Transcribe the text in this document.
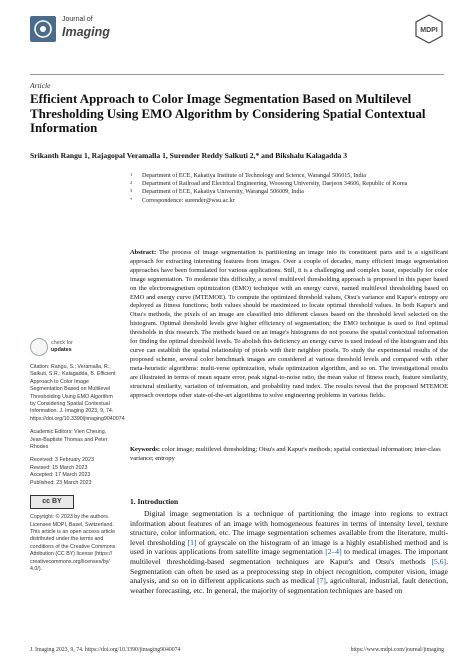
Journal of
Imaging	MDPI
Article
Efficient Approach to Color Image Segmentation Based on Multilevel Thresholding Using EMO Algorithm by Considering Spatial Contextual Information
Srikanth Rangu 1, Rajagopal Veramalla 1, Surender Reddy Salkuti 2,* and Bikshalu Kalagadda 3
1 Department of ECE, Kakatiya Institute of Technology and Science, Warangal 506015, India
2 Department of Railroad and Electrical Engineering, Woosong University, Daejeon 34606, Republic of Korea
3 Department of ECE, Kakatiya University, Warangal 506009, India
* Correspondence: surender@wsu.ac.kr
check for
updates
Citation: Rangu, S.; Veramalla, R.; Salkuti, S.R.; Kalagadda, B. Efficient Approach to Color Image Segmentation Based on Multilevel Thresholding Using EMO Algorithm by Considering Spatial Contextual Information. J. Imaging 2023, 9, 74. https://doi.org/10.3390/jimaging9040074
Academic Editors: Vien Cheung, Jean-Baptiste Thomas and Peter Rhodes
Received: 3 February 2023
Revised: 15 March 2023
Accepted: 17 March 2023
Published: 23 March 2023
cc BY
Copyright: © 2023 by the authors. Licensee MDPI, Basel, Switzerland. This article is an open access article distributed under the terms and conditions of the Creative Commons Attribution (CC BY) license (https:// creativecommons.org/licenses/by/ 4.0/).
Abstract: The process of image segmentation is partitioning an image into its constituent parts and is a significant approach for extracting interesting features from images. Over a couple of decades, many efficient image segmentation approaches have been formulated for various applications. Still, it is a challenging and complex issue, especially for color image segmentation. To moderate this difficulty, a novel multilevel thresholding approach is proposed in this paper based on the electromagnetism optimization (EMO) technique with an energy curve, named multilevel thresholding based on EMO and energy curve (MTEMOE). To compute the optimized threshold values, Otsu's variance and Kapur's entropy are deployed as fitness functions; both values should be maximized to locate optimal threshold values. In both Kapur's and Otsu's methods, the pixels of an image are classified into different classes based on the threshold level selected on the histogram. Optimal threshold levels give higher efficiency of segmentation; the EMO technique is used to find optimal thresholds in this research. The methods based on an image's histograms do not possess the spatial contextual information for finding the optimal threshold levels. To abolish this deficiency an energy curve is used instead of the histogram and this curve can establish the spatial relationship of pixels with their neighbor pixels. To study the experimental results of the proposed scheme, several color benchmark images are considered at various threshold levels and compared with other meta-heuristic algorithms: multi-verse optimization, whale optimization algorithm, and so on. The investigational results are illustrated in terms of mean square error, peak signal-to-noise ratio, the mean value of fitness reach, feature similarity, structural similarity, variation of information, and probability rand index. The results reveal that the proposed MTEMOE approach overtops other state-of-the-art algorithms to solve engineering problems in various fields.
Keywords: color image; multilevel thresholding; Otsu's and Kapur's methods; spatial contextual information; inter-class variance; entropy
1. Introduction
Digital image segmentation is a technique of partitioning the image into regions to extract information about features of an image with homogeneous features in terms of intensity level, texture structure, color information, etc. The image segmentation schemes available from the literature, multi-level thresholding [1] of grayscale on the histogram of an image is a highly established method and is used in various applications from satellite image segmentation [2–4] to medical images. The important multilevel thresholding-based segmentation techniques are Kapur's and Otsu's methods [5,6]. Segmentation can often be used as a preprocessing step in object recognition, computer vision, image analysis, and so on in different applications such as medical [7], agricultural, industrial, fault detection, weather forecasting, etc. In general, the majority of segmentation techniques are based on
J. Imaging 2023, 9, 74. https://doi.org/10.3390/jimaging9040074	https://www.mdpi.com/journal/jimaging
